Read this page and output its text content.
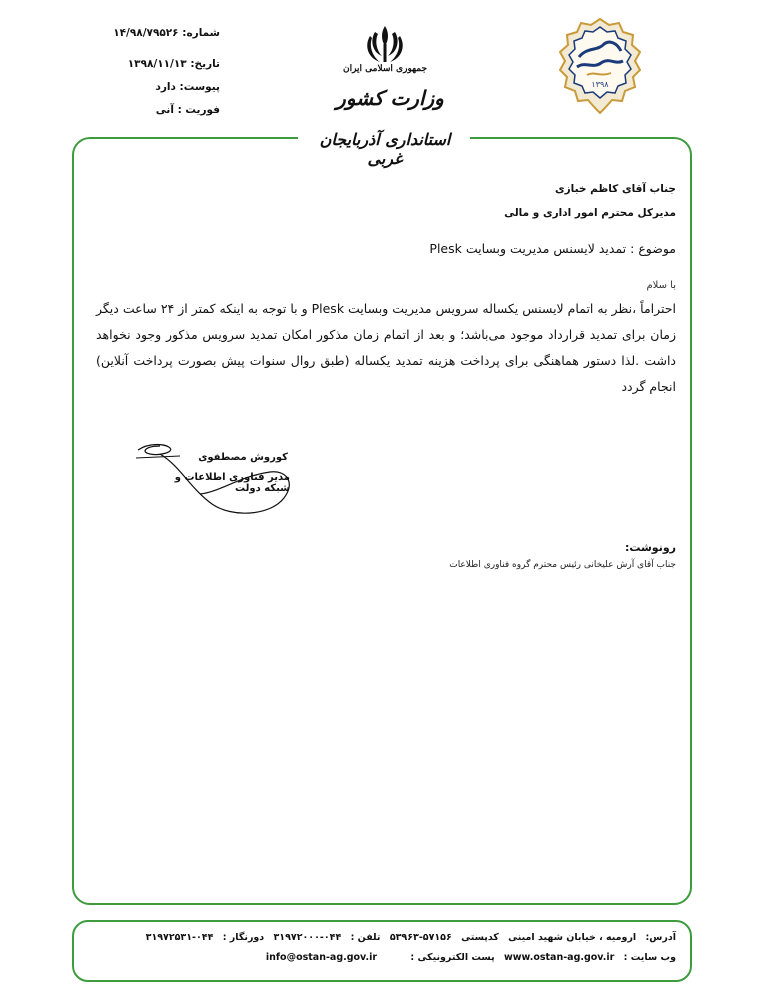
شماره: ۱۴/۹۸/۷۹۵۲۶
تاریخ: ۱۳۹۸/۱۱/۱۳
پیوست: دارد
فوریت : آنی
جمهوری اسلامی ایران
وزارت کشور
۱۳۹۸
استانداری آذربایجان غربی
جناب آقای کاظم خبازی
مدیرکل محترم امور اداری و مالی
موضوع : تمدید لایسنس مدیریت وبسایت Plesk
با سلام
احتراماً ،نظر به اتمام لایسنس یکساله سرویس مدیریت وبسایت Plesk و با توجه به اینکه کمتر از ۲۴ ساعت دیگر زمان برای تمدید قرارداد موجود می‌باشد؛ و بعد از اتمام زمان مذکور امکان تمدید سرویس مذکور وجود نخواهد داشت .لذا دستور هماهنگی برای پرداخت هزینه تمدید یکساله (طبق روال سنوات پیش بصورت پرداخت آنلاین) انجام گردد
کوروش مصطفوی
مدیر فناوری اطلاعات و شبکه دولت
رونوشت:
جناب آقای آرش علیخانی رئیس محترم گروه فناوری اطلاعات
آدرس: ارومیه ، خیابان شهید امینی کدپستی ۵۷۱۵۶-۵۳۹۶۳ تلفن : ۰۴۴-۳۱۹۷۲۰۰۰ دورنگار : ۰۴۴-۳۱۹۷۲۵۳۱
وب سایت : www.ostan-ag.gov.ir پست الکترونیکی : info@ostan-ag.gov.ir
